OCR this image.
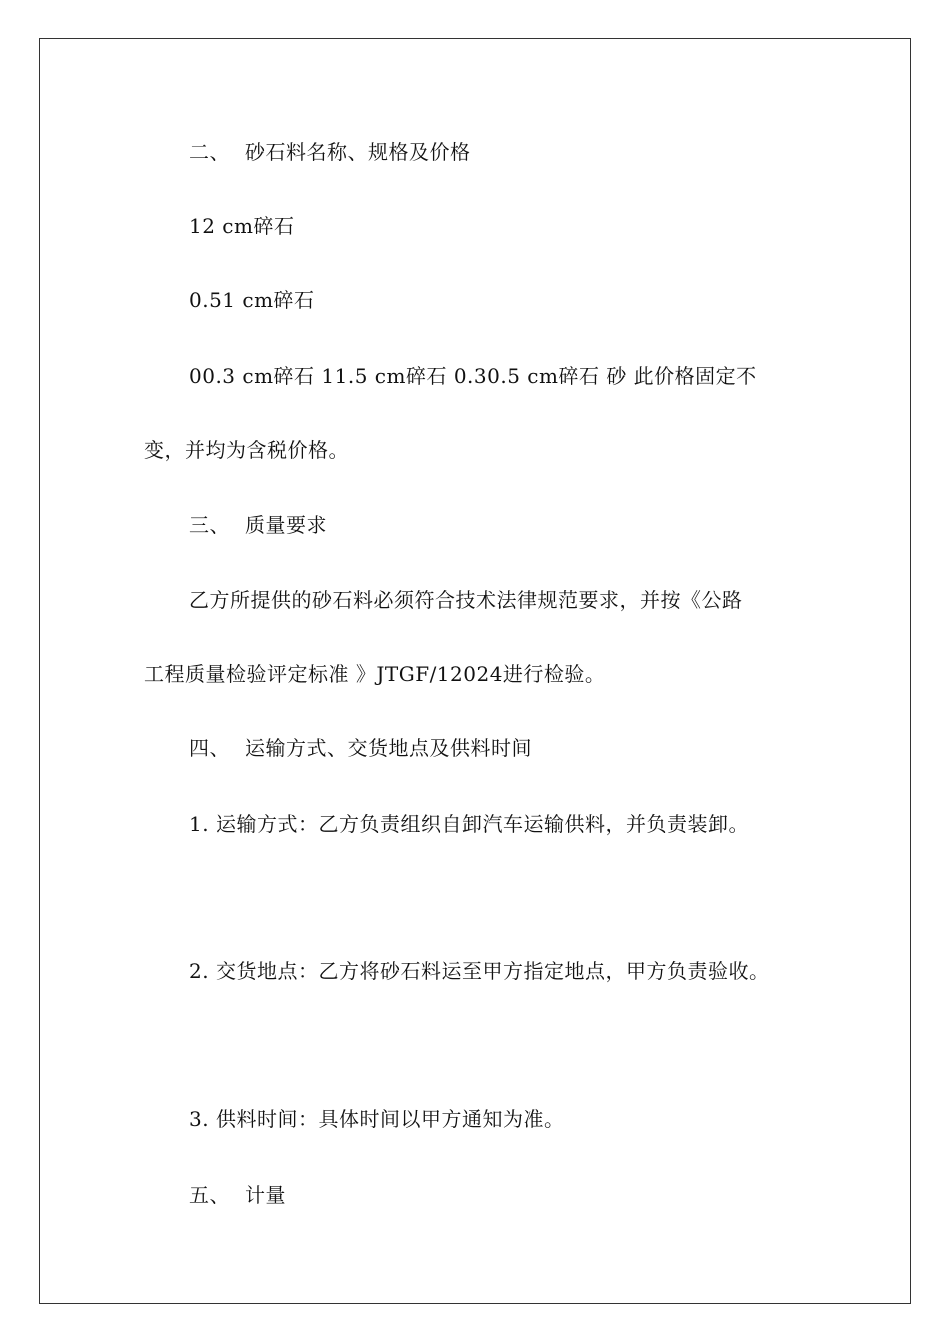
二、 砂石料名称、规格及价格
12 cm碎石
0.51 cm碎石
00.3 cm碎石 11.5 cm碎石 0.30.5 cm碎石 砂 此价格固定不
变，并均为含税价格。
三、 质量要求
乙方所提供的砂石料必须符合技术法律规范要求，并按《公路
工程质量检验评定标准 》JTGF/12024进行检验。
四、 运输方式、交货地点及供料时间
1. 运输方式：乙方负责组织自卸汽车运输供料，并负责装卸。
2. 交货地点：乙方将砂石料运至甲方指定地点，甲方负责验收。
3. 供料时间：具体时间以甲方通知为准。
五、 计量
